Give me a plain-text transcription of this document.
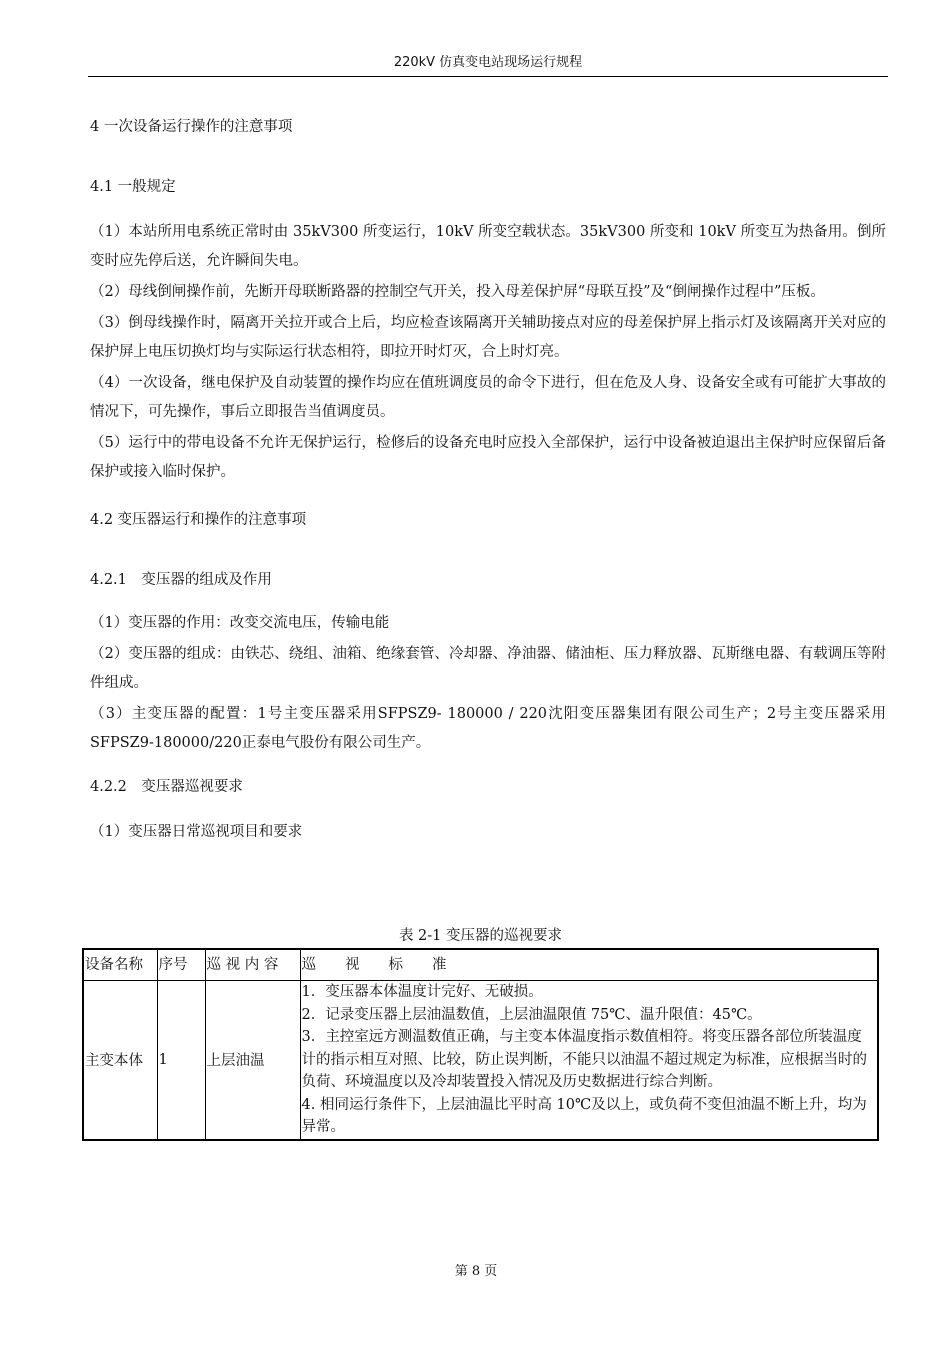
220kV 仿真变电站现场运行规程

4 一次设备运行操作的注意事项

4.1 一般规定

（1）本站所用电系统正常时由 35kV300 所变运行，10kV 所变空载状态。35kV300 所变和 10kV 所变互为热备用。倒所变时应先停后送，允许瞬间失电。

（2）母线倒闸操作前，先断开母联断路器的控制空气开关，投入母差保护屏“母联互投”及“倒闸操作过程中”压板。

（3）倒母线操作时，隔离开关拉开或合上后，均应检查该隔离开关辅助接点对应的母差保护屏上指示灯及该隔离开关对应的保护屏上电压切换灯均与实际运行状态相符，即拉开时灯灭，合上时灯亮。

（4）一次设备，继电保护及自动装置的操作均应在值班调度员的命令下进行，但在危及人身、设备安全或有可能扩大事故的情况下，可先操作，事后立即报告当值调度员。

（5）运行中的带电设备不允许无保护运行，检修后的设备充电时应投入全部保护，运行中设备被迫退出主保护时应保留后备保护或接入临时保护。

4.2 变压器运行和操作的注意事项

4.2.1　变压器的组成及作用

（1）变压器的作用：改变交流电压，传输电能

（2）变压器的组成：由铁芯、绕组、油箱、绝缘套管、冷却器、净油器、储油柜、压力释放器、瓦斯继电器、有载调压等附件组成。

（3）主变压器的配置：1号主变压器采用SFPSZ9- 180000 / 220沈阳变压器集团有限公司生产；2号主变压器采用SFPSZ9-180000/220正泰电气股份有限公司生产。

4.2.2　变压器巡视要求

（1）变压器日常巡视项目和要求

表 2-1 变压器的巡视要求

设备名称	序号	巡 视 内 容	巡　　视　　标　　准
主变本体	1	上层油温	1．变压器本体温度计完好、无破损。
2．记录变压器上层油温数值，上层油温限值 75℃、温升限值：45℃。
3．主控室远方测温数值正确，与主变本体温度指示数值相符。将变压器各部位所装温度计的指示相互对照、比较，防止误判断，不能只以油温不超过规定为标准，应根据当时的负荷、环境温度以及冷却装置投入情况及历史数据进行综合判断。
4. 相同运行条件下，上层油温比平时高 10℃及以上，或负荷不变但油温不断上升，均为异常。
第 8 页
